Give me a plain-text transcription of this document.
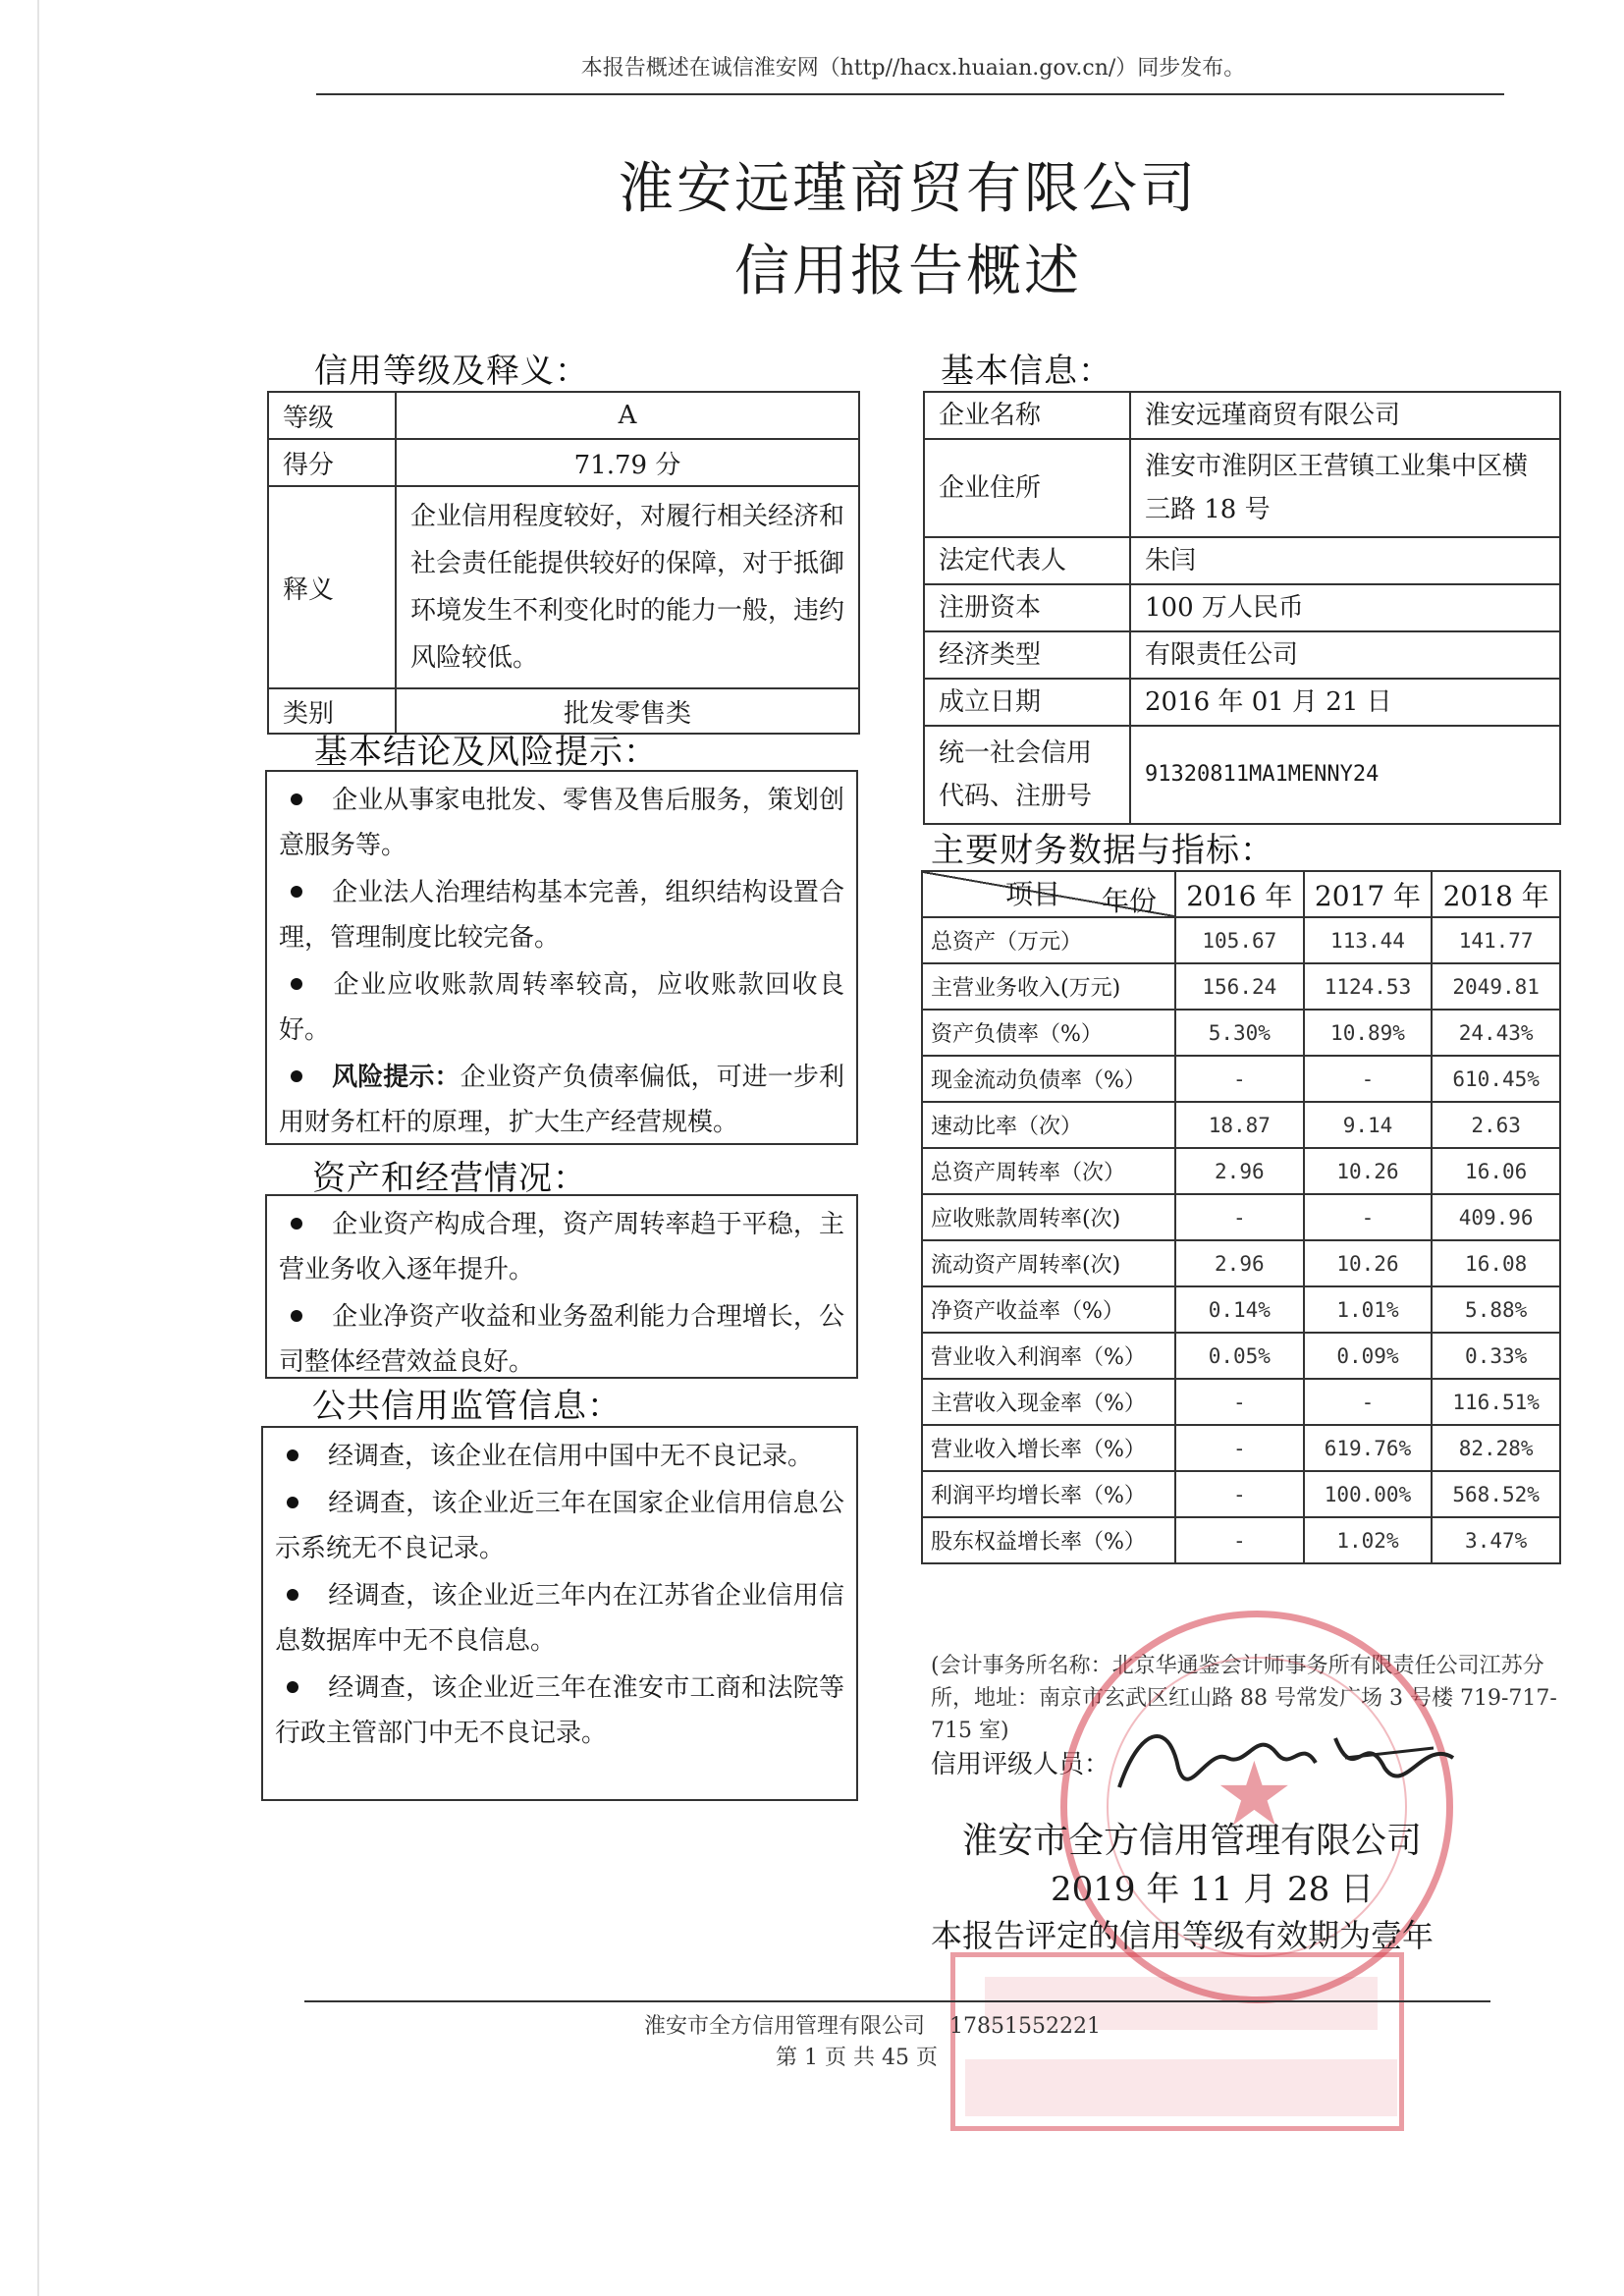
本报告概述在诚信淮安网（http//hacx.huaian.gov.cn/）同步发布。
淮安远瑾商贸有限公司
信用报告概述
信用等级及释义：
等级	A
得分	71.79 分
释义	企业信用程度较好，对履行相关经济和社会责任能提供较好的保障，对于抵御环境发生不利变化时的能力一般，违约风险较低。
类别	批发零售类
基本结论及风险提示：
企业从事家电批发、零售及售后服务，策划创意服务等。
企业法人治理结构基本完善，组织结构设置合理，管理制度比较完备。
企业应收账款周转率较高，应收账款回收良好。
风险提示：企业资产负债率偏低，可进一步利用财务杠杆的原理，扩大生产经营规模。
资产和经营情况：
企业资产构成合理，资产周转率趋于平稳，主营业务收入逐年提升。
企业净资产收益和业务盈利能力合理增长，公司整体经营效益良好。
公共信用监管信息：
经调查，该企业在信用中国中无不良记录。
经调查，该企业近三年在国家企业信用信息公示系统无不良记录。
经调查，该企业近三年内在江苏省企业信用信息数据库中无不良信息。
经调查，该企业近三年在淮安市工商和法院等行政主管部门中无不良记录。
基本信息：
企业名称	淮安远瑾商贸有限公司
企业住所	淮安市淮阴区王营镇工业集中区横三路 18 号
法定代表人	朱闫
注册资本	100 万人民币
经济类型	有限责任公司
成立日期	2016 年 01 月 21 日
统一社会信用代码、注册号	91320811MA1MENNY24
主要财务数据与指标：
年份
项目	2016 年	2017 年	2018 年
总资产（万元）	105.67	113.44	141.77
主营业务收入(万元)	156.24	1124.53	2049.81
资产负债率（%）	5.30%	10.89%	24.43%
现金流动负债率（%）	-	-	610.45%
速动比率（次）	18.87	9.14	2.63
总资产周转率（次）	2.96	10.26	16.06
应收账款周转率(次)	-	-	409.96
流动资产周转率(次)	2.96	10.26	16.08
净资产收益率（%）	0.14%	1.01%	5.88%
营业收入利润率（%）	0.05%	0.09%	0.33%
主营收入现金率（%）	-	-	116.51%
营业收入增长率（%）	-	619.76%	82.28%
利润平均增长率（%）	-	100.00%	568.52%
股东权益增长率（%）	-	1.02%	3.47%
(会计事务所名称：北京华通鉴会计师事务所有限责任公司江苏分所，地址：南京市玄武区红山路 88 号常发广场 3 号楼 719-717-715 室)
信用评级人员： ★
淮安市全方信用管理有限公司
2019 年 11 月 28 日
本报告评定的信用等级有效期为壹年
淮安市全方信用管理有限公司 17851552221
第 1 页 共 45 页
